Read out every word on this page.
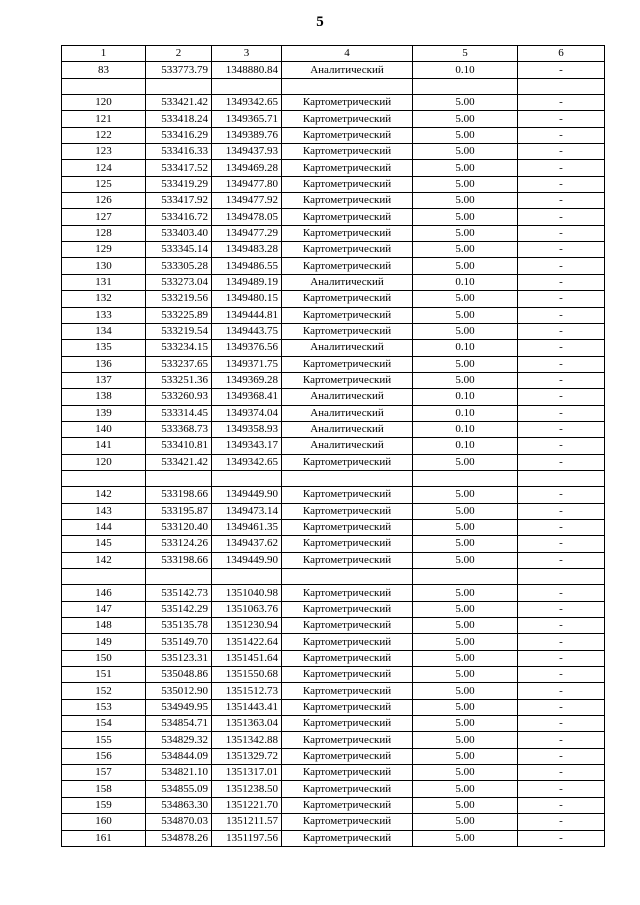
5
1	2	3	4	5	6
83	533773.79	1348880.84	Аналитический	0.10	-

120	533421.42	1349342.65	Картометрический	5.00	-
121	533418.24	1349365.71	Картометрический	5.00	-
122	533416.29	1349389.76	Картометрический	5.00	-
123	533416.33	1349437.93	Картометрический	5.00	-
124	533417.52	1349469.28	Картометрический	5.00	-
125	533419.29	1349477.80	Картометрический	5.00	-
126	533417.92	1349477.92	Картометрический	5.00	-
127	533416.72	1349478.05	Картометрический	5.00	-
128	533403.40	1349477.29	Картометрический	5.00	-
129	533345.14	1349483.28	Картометрический	5.00	-
130	533305.28	1349486.55	Картометрический	5.00	-
131	533273.04	1349489.19	Аналитический	0.10	-
132	533219.56	1349480.15	Картометрический	5.00	-
133	533225.89	1349444.81	Картометрический	5.00	-
134	533219.54	1349443.75	Картометрический	5.00	-
135	533234.15	1349376.56	Аналитический	0.10	-
136	533237.65	1349371.75	Картометрический	5.00	-
137	533251.36	1349369.28	Картометрический	5.00	-
138	533260.93	1349368.41	Аналитический	0.10	-
139	533314.45	1349374.04	Аналитический	0.10	-
140	533368.73	1349358.93	Аналитический	0.10	-
141	533410.81	1349343.17	Аналитический	0.10	-
120	533421.42	1349342.65	Картометрический	5.00	-

142	533198.66	1349449.90	Картометрический	5.00	-
143	533195.87	1349473.14	Картометрический	5.00	-
144	533120.40	1349461.35	Картометрический	5.00	-
145	533124.26	1349437.62	Картометрический	5.00	-
142	533198.66	1349449.90	Картометрический	5.00	-

146	535142.73	1351040.98	Картометрический	5.00	-
147	535142.29	1351063.76	Картометрический	5.00	-
148	535135.78	1351230.94	Картометрический	5.00	-
149	535149.70	1351422.64	Картометрический	5.00	-
150	535123.31	1351451.64	Картометрический	5.00	-
151	535048.86	1351550.68	Картометрический	5.00	-
152	535012.90	1351512.73	Картометрический	5.00	-
153	534949.95	1351443.41	Картометрический	5.00	-
154	534854.71	1351363.04	Картометрический	5.00	-
155	534829.32	1351342.88	Картометрический	5.00	-
156	534844.09	1351329.72	Картометрический	5.00	-
157	534821.10	1351317.01	Картометрический	5.00	-
158	534855.09	1351238.50	Картометрический	5.00	-
159	534863.30	1351221.70	Картометрический	5.00	-
160	534870.03	1351211.57	Картометрический	5.00	-
161	534878.26	1351197.56	Картометрический	5.00	-
